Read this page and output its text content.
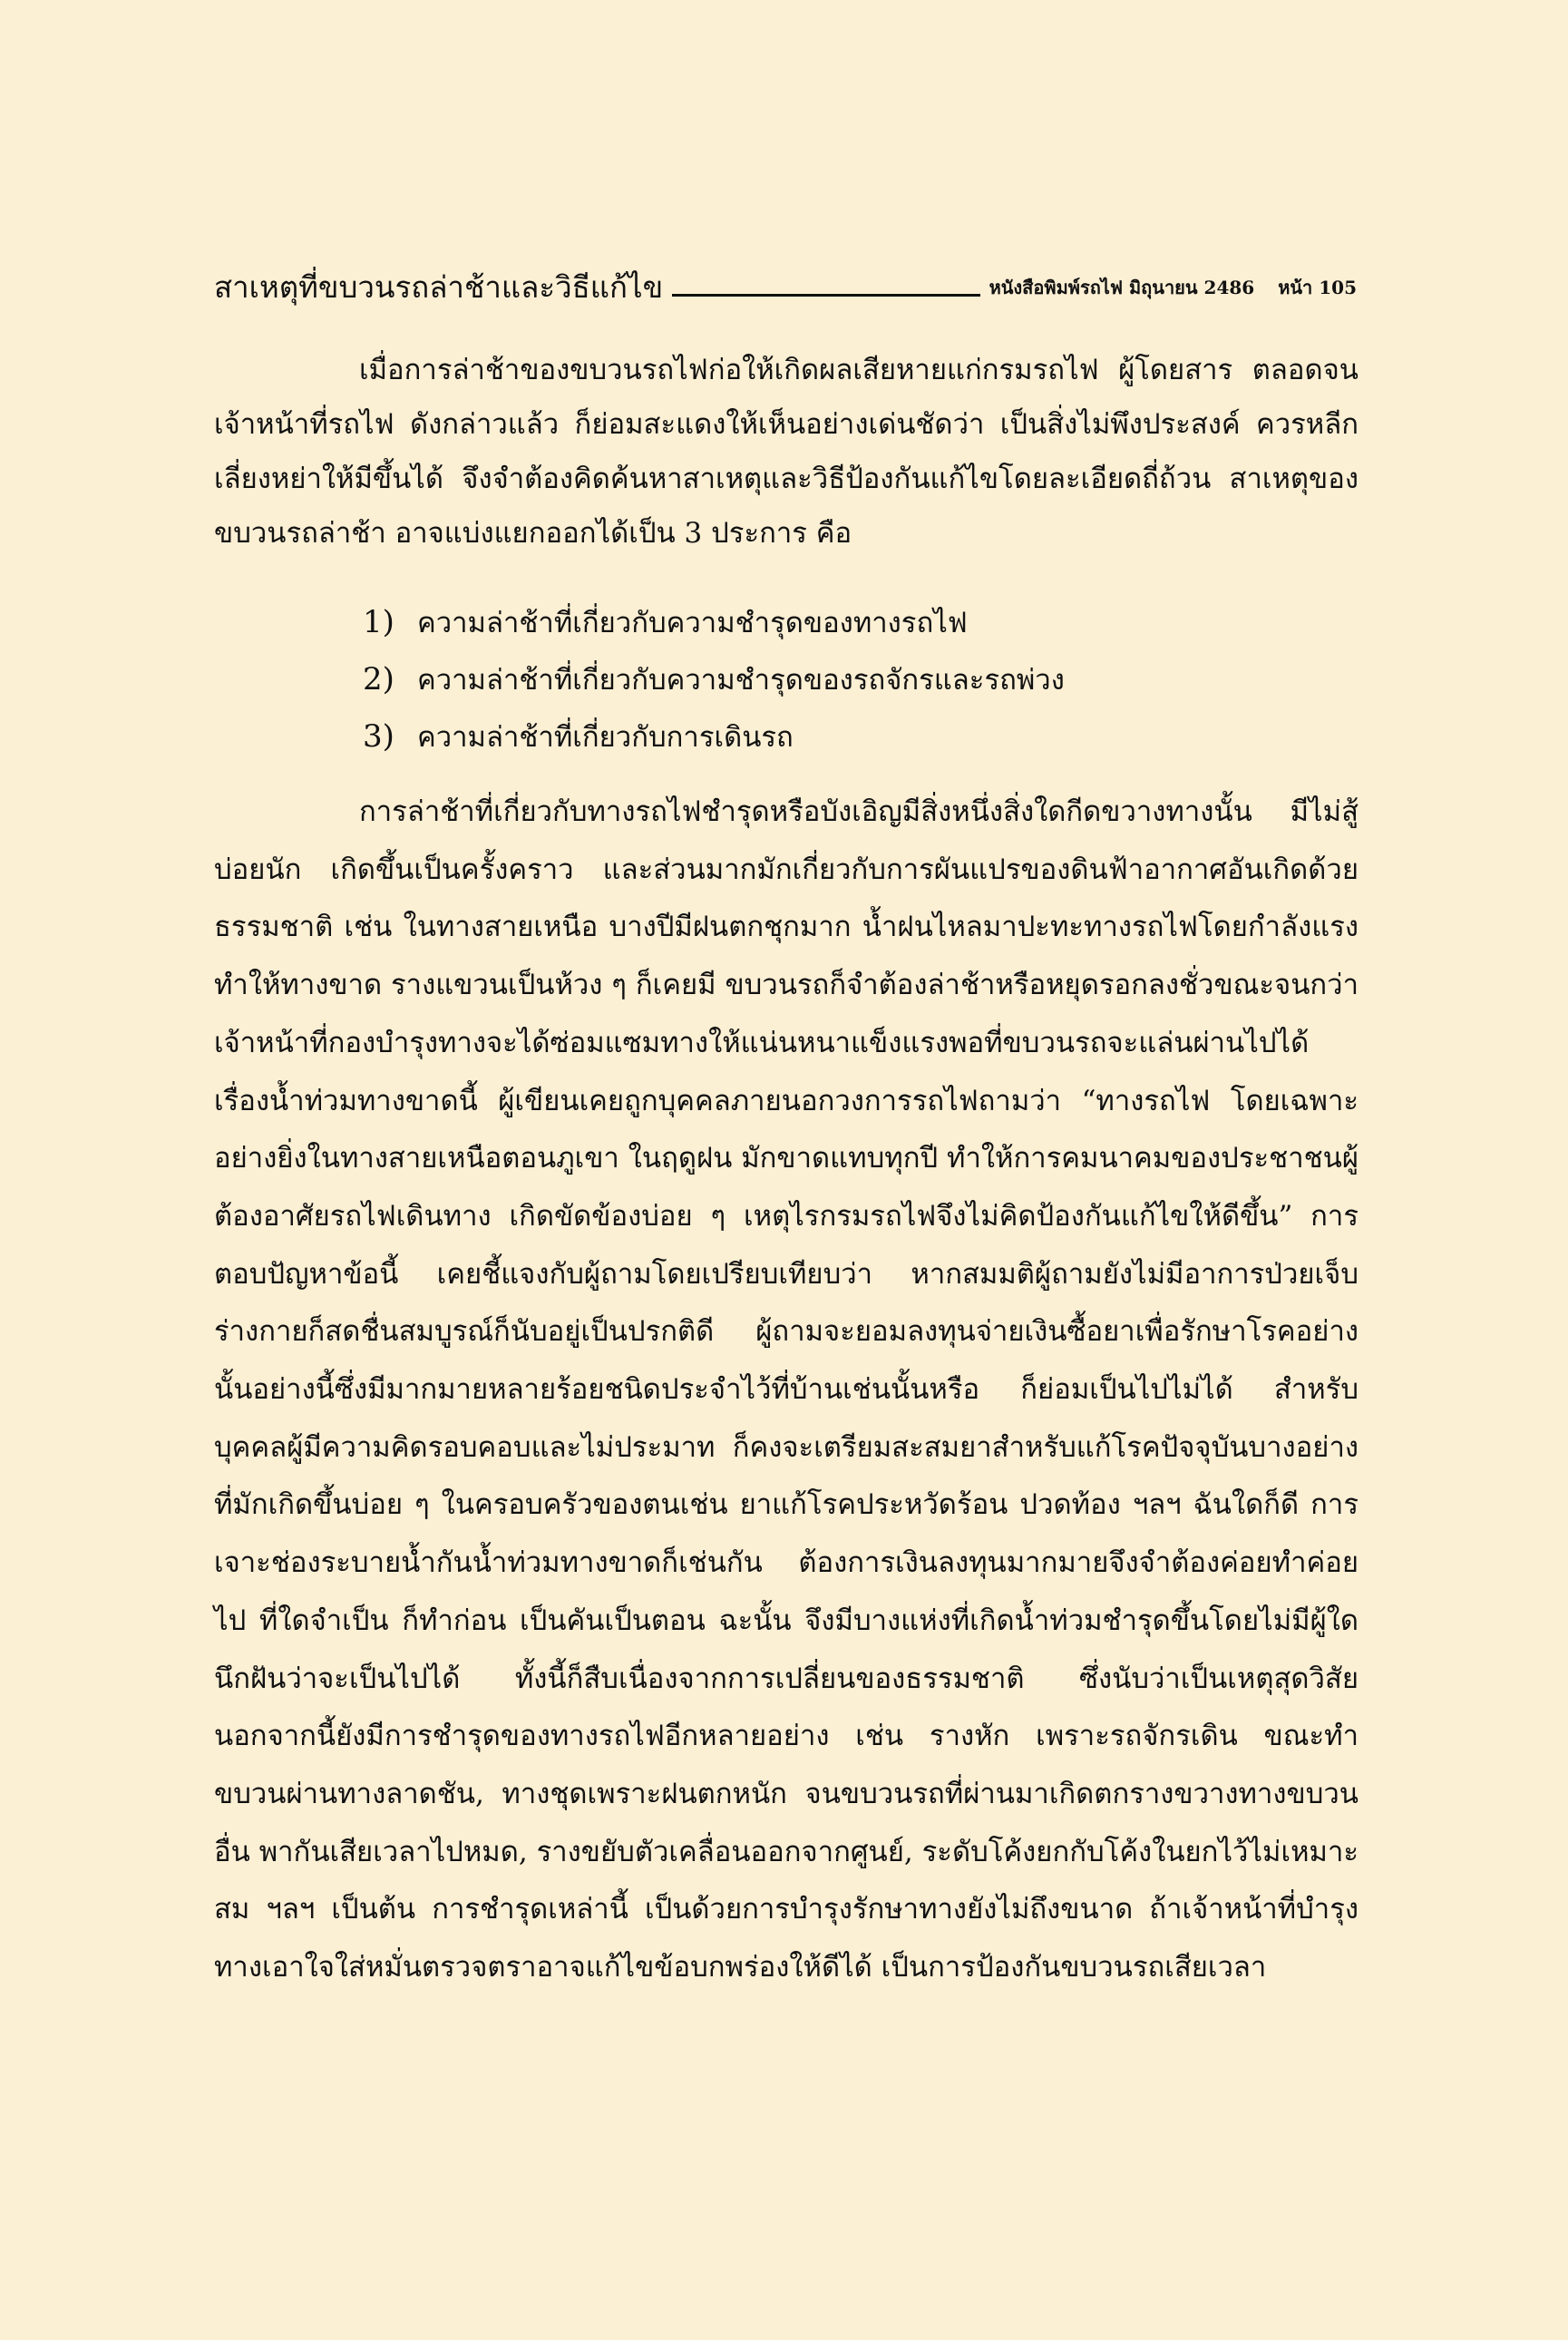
สาเหตุที่ขบวนรถล่าช้าและวิธีแก้ไข	หนังสือพิมพ์รถไฟ มิถุนายน 2486 หน้า 105

เมื่อการล่าช้าของขบวนรถไฟก่อให้เกิดผลเสียหายแก่กรมรถไฟ ผู้โดยสาร ตลอดจนเจ้าหน้าที่รถไฟ ดังกล่าวแล้ว ก็ย่อมสะแดงให้เห็นอย่างเด่นชัดว่า เป็นสิ่งไม่พึงประสงค์ ควรหลีกเลี่ยงหย่าให้มีขึ้นได้ จึงจำต้องคิดค้นหาสาเหตุและวิธีป้องกันแก้ไขโดยละเอียดถี่ถ้วน สาเหตุของขบวนรถล่าช้า อาจแบ่งแยกออกได้เป็น 3 ประการ คือ

1) ความล่าช้าที่เกี่ยวกับความชำรุดของทางรถไฟ
2) ความล่าช้าที่เกี่ยวกับความชำรุดของรถจักรและรถพ่วง
3) ความล่าช้าที่เกี่ยวกับการเดินรถ

การล่าช้าที่เกี่ยวกับทางรถไฟชำรุดหรือบังเอิญมีสิ่งหนึ่งสิ่งใดกีดขวางทางนั้น มีไม่สู้บ่อยนัก เกิดขึ้นเป็นครั้งคราว และส่วนมากมักเกี่ยวกับการผันแปรของดินฟ้าอากาศอันเกิดด้วยธรรมชาติ เช่น ในทางสายเหนือ บางปีมีฝนตกชุกมาก น้ำฝนไหลมาปะทะทางรถไฟโดยกำลังแรงทำให้ทางขาด รางแขวนเป็นห้วง ๆ ก็เคยมี ขบวนรถก็จำต้องล่าช้าหรือหยุดรอกลงชั่วขณะจนกว่าเจ้าหน้าที่กองบำรุงทางจะได้ซ่อมแซมทางให้แน่นหนาแข็งแรงพอที่ขบวนรถจะแล่นผ่านไปได้ เรื่องน้ำท่วมทางขาดนี้ ผู้เขียนเคยถูกบุคคลภายนอกวงการรถไฟถามว่า “ทางรถไฟ โดยเฉพาะอย่างยิ่งในทางสายเหนือตอนภูเขา ในฤดูฝน มักขาดแทบทุกปี ทำให้การคมนาคมของประชาชนผู้ต้องอาศัยรถไฟเดินทาง เกิดขัดข้องบ่อย ๆ เหตุไรกรมรถไฟจึงไม่คิดป้องกันแก้ไขให้ดีขึ้น” การตอบปัญหาข้อนี้ เคยชี้แจงกับผู้ถามโดยเปรียบเทียบว่า หากสมมติผู้ถามยังไม่มีอาการป่วยเจ็บ ร่างกายก็สดชื่นสมบูรณ์ก็นับอยู่เป็นปรกติดี ผู้ถามจะยอมลงทุนจ่ายเงินซื้อยาเพื่อรักษาโรคอย่างนั้นอย่างนี้ซึ่งมีมากมายหลายร้อยชนิดประจำไว้ที่บ้านเช่นนั้นหรือ ก็ย่อมเป็นไปไม่ได้ สำหรับบุคคลผู้มีความคิดรอบคอบและไม่ประมาท ก็คงจะเตรียมสะสมยาสำหรับแก้โรคปัจจุบันบางอย่างที่มักเกิดขึ้นบ่อย ๆ ในครอบครัวของตนเช่น ยาแก้โรคประหวัดร้อน ปวดท้อง ฯลฯ ฉันใดก็ดี การเจาะช่องระบายน้ำกันน้ำท่วมทางขาดก็เช่นกัน ต้องการเงินลงทุนมากมายจึงจำต้องค่อยทำค่อยไป ที่ใดจำเป็น ก็ทำก่อน เป็นคันเป็นตอน ฉะนั้น จึงมีบางแห่งที่เกิดน้ำท่วมชำรุดขึ้นโดยไม่มีผู้ใดนึกฝันว่าจะเป็นไปได้ ทั้งนี้ก็สืบเนื่องจากการเปลี่ยนของธรรมชาติ ซึ่งนับว่าเป็นเหตุสุดวิสัย นอกจากนี้ยังมีการชำรุดของทางรถไฟอีกหลายอย่าง เช่น รางหัก เพราะรถจักรเดิน ขณะทำขบวนผ่านทางลาดชัน, ทางชุดเพราะฝนตกหนัก จนขบวนรถที่ผ่านมาเกิดตกรางขวางทางขบวนอื่น พากันเสียเวลาไปหมด, รางขยับตัวเคลื่อนออกจากศูนย์, ระดับโค้งยกกับโค้งในยกไว้ไม่เหมาะสม ฯลฯ เป็นต้น การชำรุดเหล่านี้ เป็นด้วยการบำรุงรักษาทางยังไม่ถึงขนาด ถ้าเจ้าหน้าที่บำรุงทางเอาใจใส่หมั่นตรวจตราอาจแก้ไขข้อบกพร่องให้ดีได้ เป็นการป้องกันขบวนรถเสียเวลา
